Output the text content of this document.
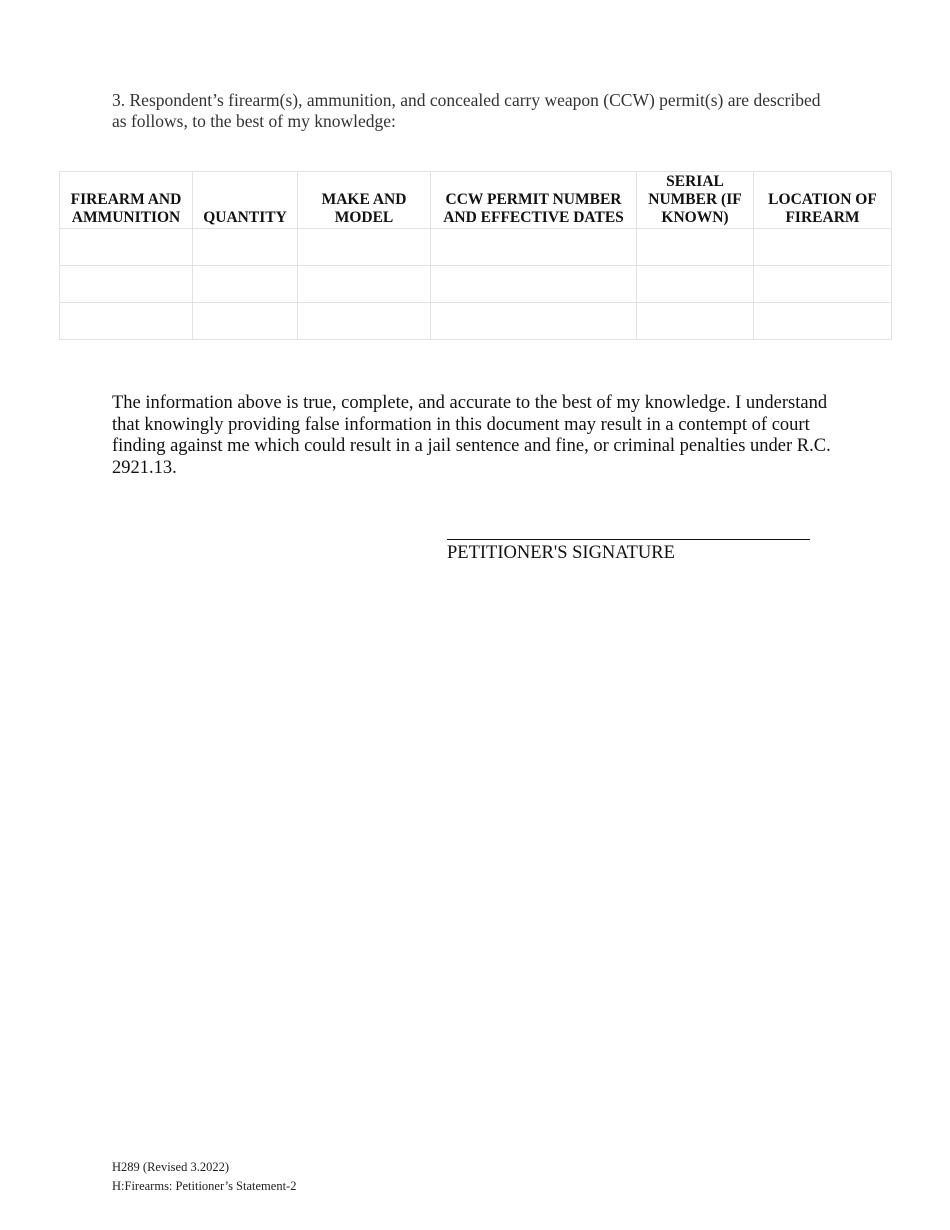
3. Respondent’s firearm(s), ammunition, and concealed carry weapon (CCW) permit(s) are described as follows, to the best of my knowledge:

FIREARM AND AMMUNITION	QUANTITY	MAKE AND MODEL	CCW PERMIT NUMBER AND EFFECTIVE DATES	SERIAL NUMBER (IF KNOWN)	LOCATION OF FIREARM

The information above is true, complete, and accurate to the best of my knowledge. I understand that knowingly providing false information in this document may result in a contempt of court finding against me which could result in a jail sentence and fine, or criminal penalties under R.C. 2921.13.

PETITIONER'S SIGNATURE
H289 (Revised 3.2022)
H:Firearms: Petitioner’s Statement-2
